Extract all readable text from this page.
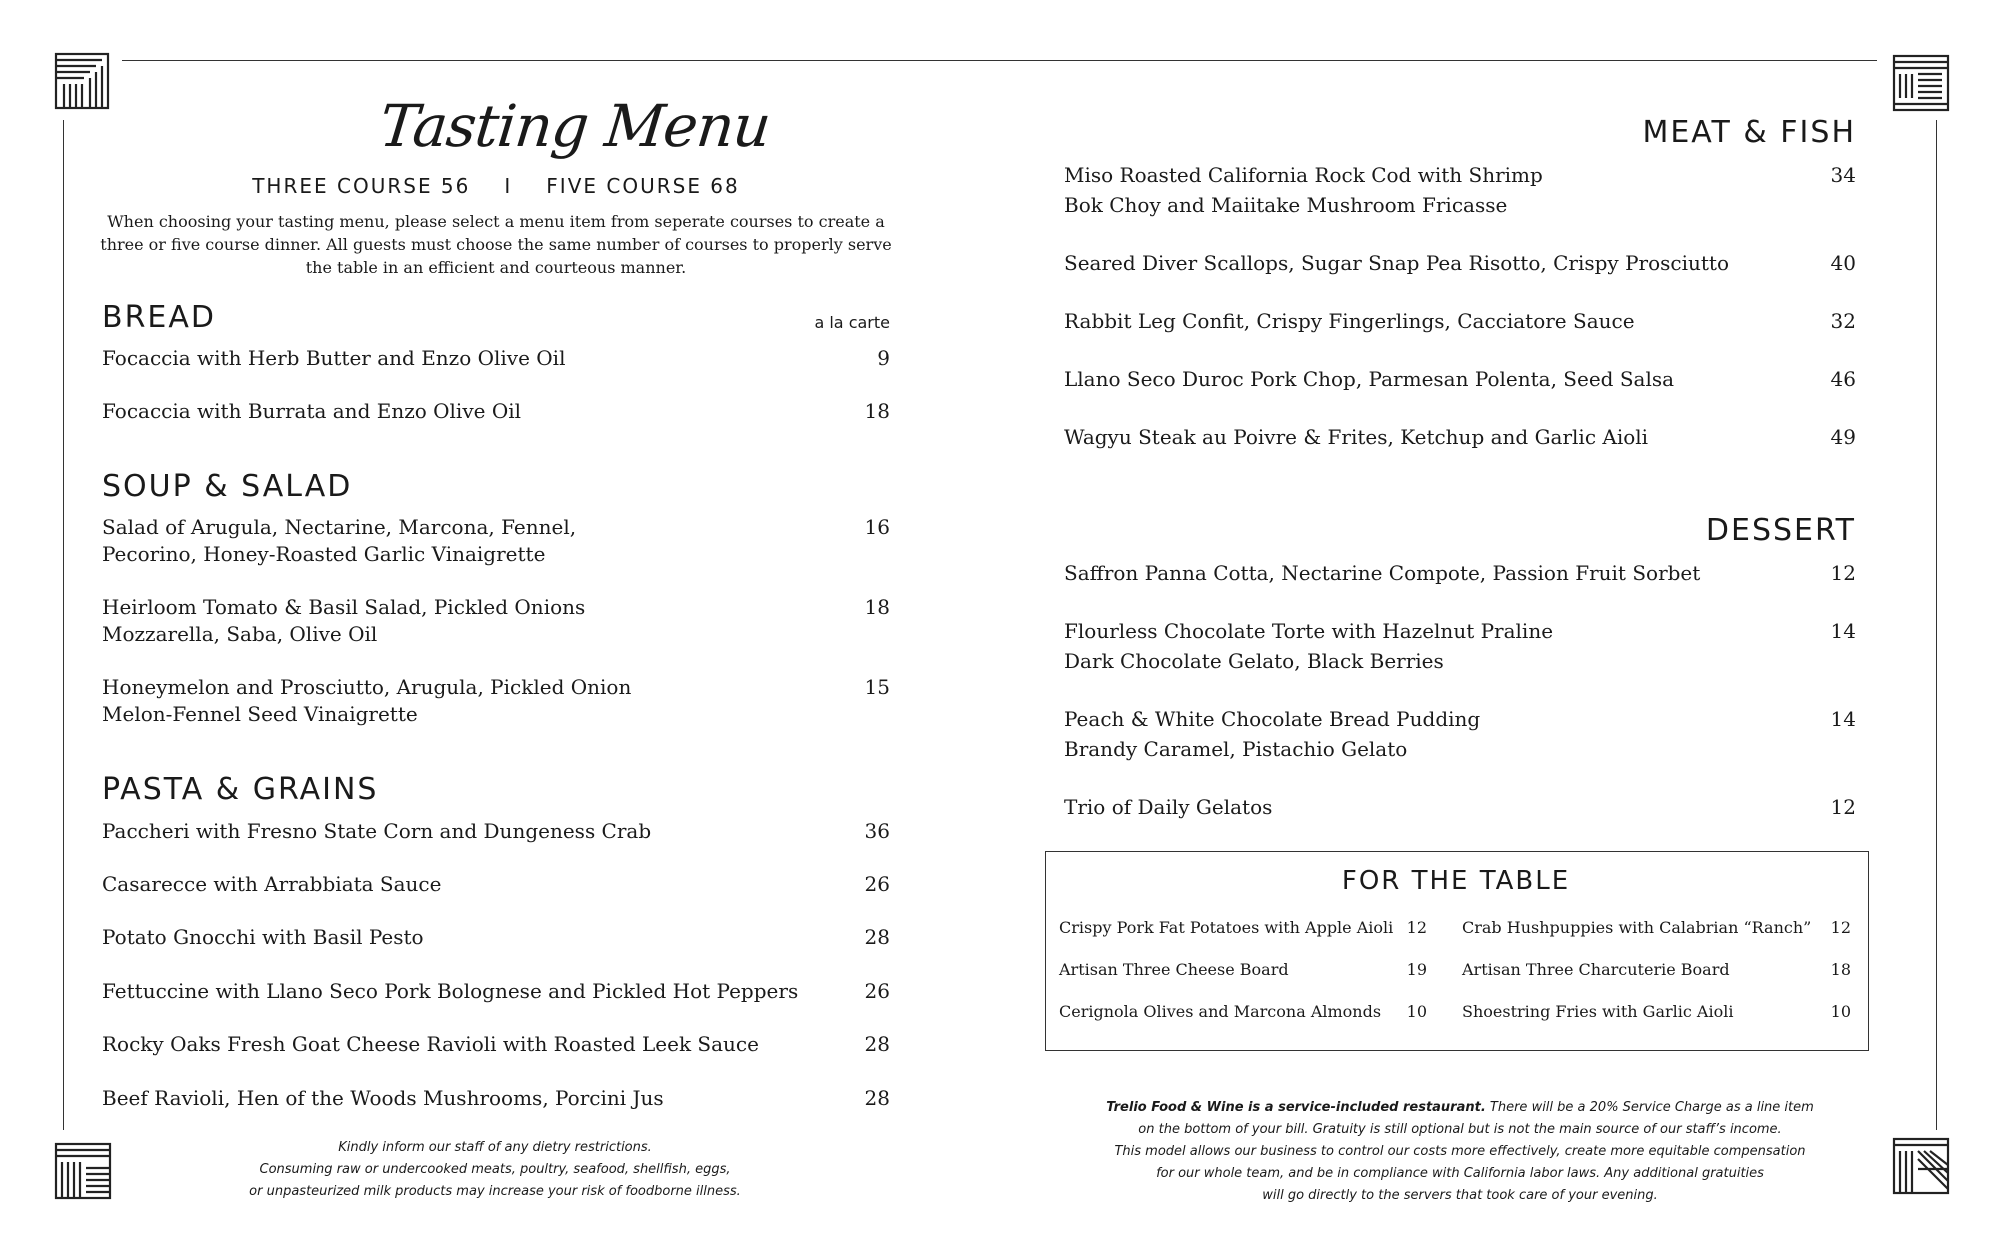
Tasting Menu
THREE COURSE 56 I FIVE COURSE 68
When choosing your tasting menu, please select a menu item from seperate courses to create a three or five course dinner. All guests must choose the same number of courses to properly serve the table in an efficient and courteous manner.
BREAD	a la carte
Focaccia with Herb Butter and Enzo Olive Oil	9
Focaccia with Burrata and Enzo Olive Oil	18
SOUP & SALAD
Salad of Arugula, Nectarine, Marcona, Fennel,
Pecorino, Honey-Roasted Garlic Vinaigrette
16
Heirloom Tomato & Basil Salad, Pickled Onions
Mozzarella, Saba, Olive Oil
18
Honeymelon and Prosciutto, Arugula, Pickled Onion
Melon-Fennel Seed Vinaigrette
15
PASTA & GRAINS
Paccheri with Fresno State Corn and Dungeness Crab	36
Casarecce with Arrabbiata Sauce	26
Potato Gnocchi with Basil Pesto	28
Fettuccine with Llano Seco Pork Bolognese and Pickled Hot Peppers	26
Rocky Oaks Fresh Goat Cheese Ravioli with Roasted Leek Sauce	28
Beef Ravioli, Hen of the Woods Mushrooms, Porcini Jus	28
Kindly inform our staff of any dietry restrictions.
Consuming raw or undercooked meats, poultry, seafood, shellfish, eggs,
or unpasteurized milk products may increase your risk of foodborne illness.
MEAT & FISH
Miso Roasted California Rock Cod with Shrimp
Bok Choy and Maiitake Mushroom Fricasse
34
Seared Diver Scallops, Sugar Snap Pea Risotto, Crispy Prosciutto	40
Rabbit Leg Confit, Crispy Fingerlings, Cacciatore Sauce	32
Llano Seco Duroc Pork Chop, Parmesan Polenta, Seed Salsa	46
Wagyu Steak au Poivre & Frites, Ketchup and Garlic Aioli	49
DESSERT
Saffron Panna Cotta, Nectarine Compote, Passion Fruit Sorbet	12
Flourless Chocolate Torte with Hazelnut Praline
Dark Chocolate Gelato, Black Berries
14
Peach & White Chocolate Bread Pudding
Brandy Caramel, Pistachio Gelato
14
Trio of Daily Gelatos	12
FOR THE TABLE
Crispy Pork Fat Potatoes with Apple Aioli 12
Artisan Three Cheese Board	19
Cerignola Olives and Marcona Almonds 10
Crab Hushpuppies with Calabrian “Ranch” 12
Artisan Three Charcuterie Board	18
Shoestring Fries with Garlic Aioli	10
Trelio Food & Wine is a service-included restaurant. There will be a 20% Service Charge as a line item
on the bottom of your bill. Gratuity is still optional but is not the main source of our staff’s income.
This model allows our business to control our costs more effectively, create more equitable compensation
for our whole team, and be in compliance with California labor laws. Any additional gratuities
will go directly to the servers that took care of your evening.
